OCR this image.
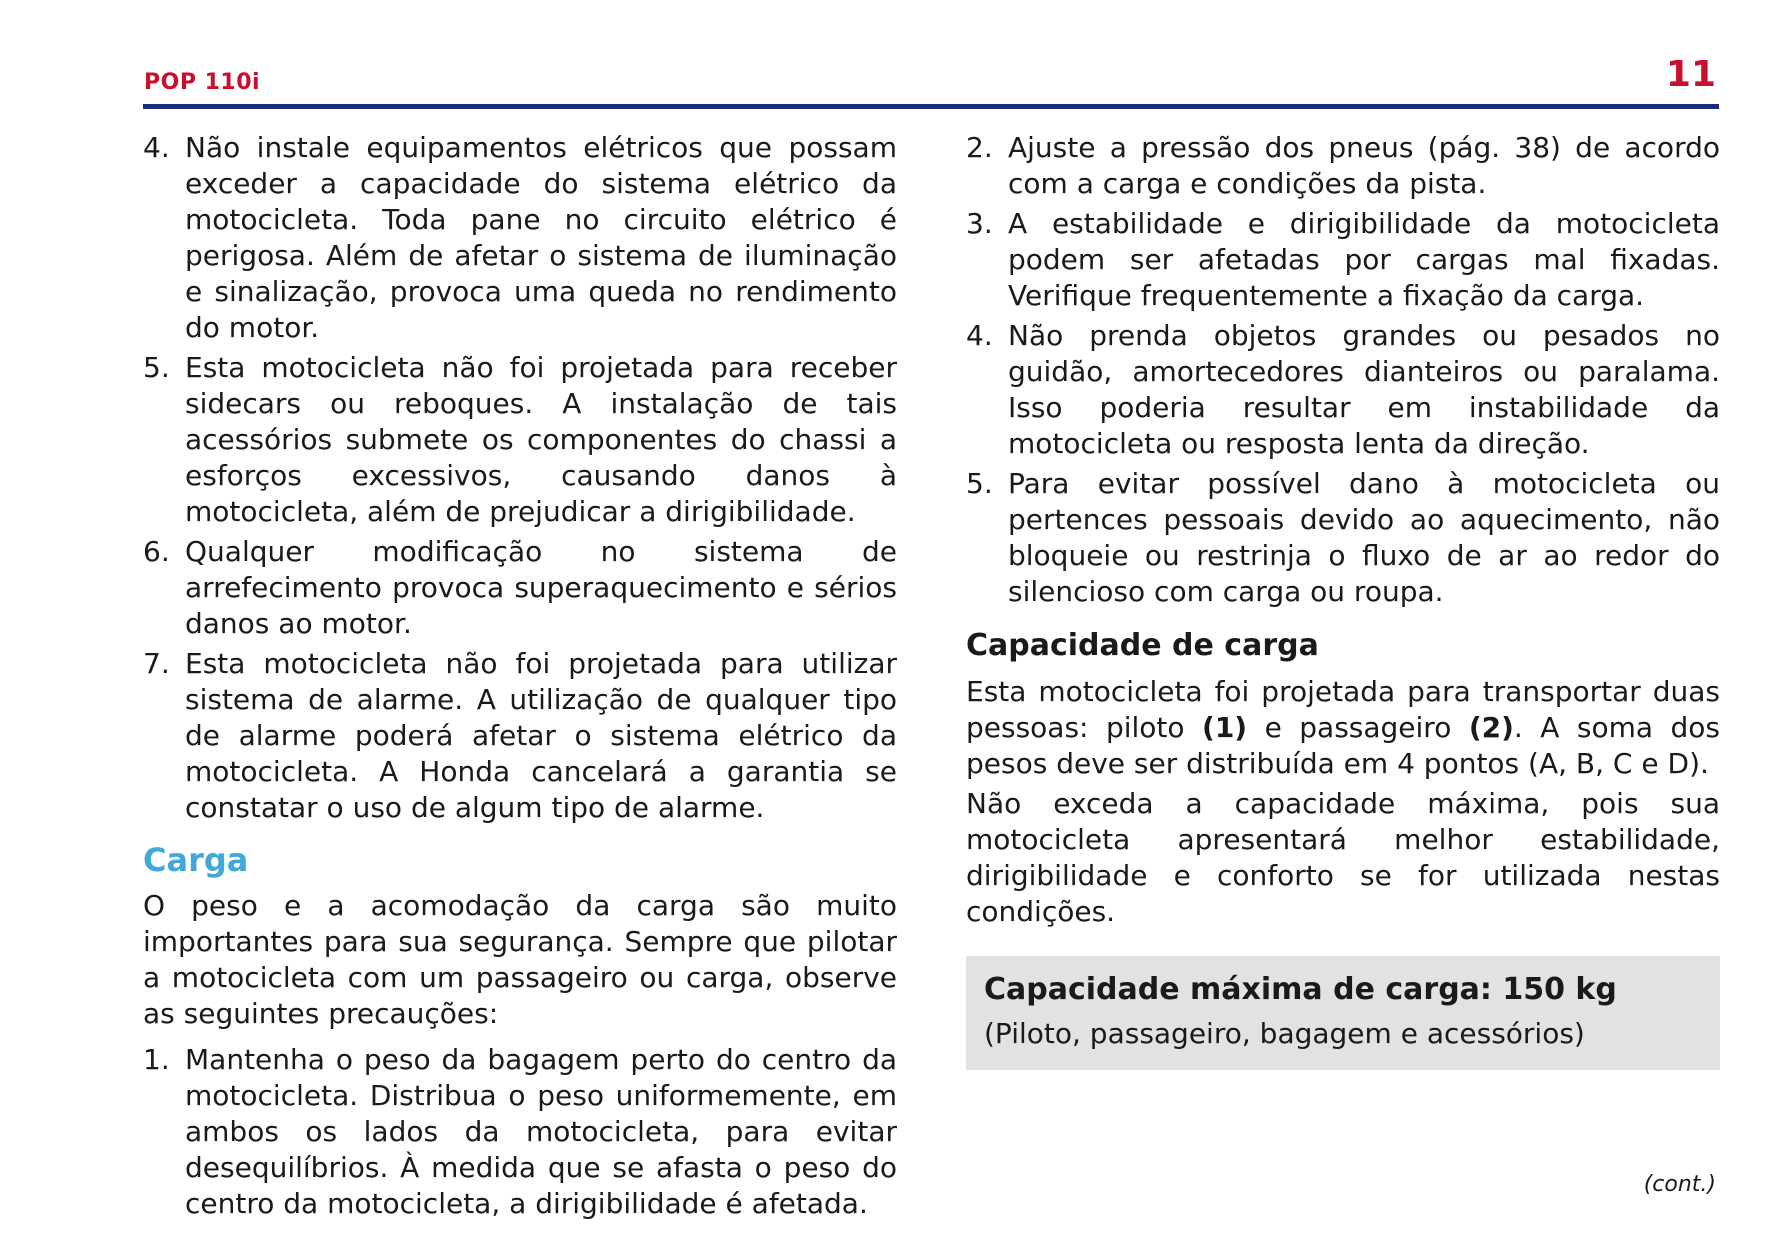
POP 110i	11
4. Não instale equipamentos elétricos que possam exceder a capacidade do sistema elétrico da motocicleta. Toda pane no circuito elétrico é perigosa. Além de afetar o sistema de iluminação e sinalização, provoca uma queda no rendimento do motor.
5. Esta motocicleta não foi projetada para receber sidecars ou reboques. A instalação de tais acessórios submete os componentes do chassi a esforços excessivos, causando danos à motocicleta, além de prejudicar a dirigibilidade.
6. Qualquer modificação no sistema de arrefecimento provoca superaquecimento e sérios danos ao motor.
7. Esta motocicleta não foi projetada para utilizar sistema de alarme. A utilização de qualquer tipo de alarme poderá afetar o sistema elétrico da motocicleta. A Honda cancelará a garantia se constatar o uso de algum tipo de alarme.
Carga

O peso e a acomodação da carga são muito importantes para sua segurança. Sempre que pilotar a motocicleta com um passageiro ou carga, observe as seguintes precauções:

1. Mantenha o peso da bagagem perto do centro da motocicleta. Distribua o peso uniformemente, em ambos os lados da motocicleta, para evitar desequilíbrios. À medida que se afasta o peso do centro da motocicleta, a dirigibilidade é afetada.
2. Ajuste a pressão dos pneus (pág. 38) de acordo com a carga e condições da pista.
3. A estabilidade e dirigibilidade da motocicleta podem ser afetadas por cargas mal fixadas. Verifique frequentemente a fixação da carga.
4. Não prenda objetos grandes ou pesados no guidão, amortecedores dianteiros ou paralama. Isso poderia resultar em instabilidade da motocicleta ou resposta lenta da direção.
5. Para evitar possível dano à motocicleta ou pertences pessoais devido ao aquecimento, não bloqueie ou restrinja o fluxo de ar ao redor do silencioso com carga ou roupa.
Capacidade de carga

Esta motocicleta foi projetada para transportar duas pessoas: piloto (1) e passageiro (2). A soma dos pesos deve ser distribuída em 4 pontos (A, B, C e D).

Não exceda a capacidade máxima, pois sua motocicleta apresentará melhor estabilidade, dirigibilidade e conforto se for utilizada nestas condições.

Capacidade máxima de carga: 150 kg
(Piloto, passageiro, bagagem e acessórios)
(cont.)
